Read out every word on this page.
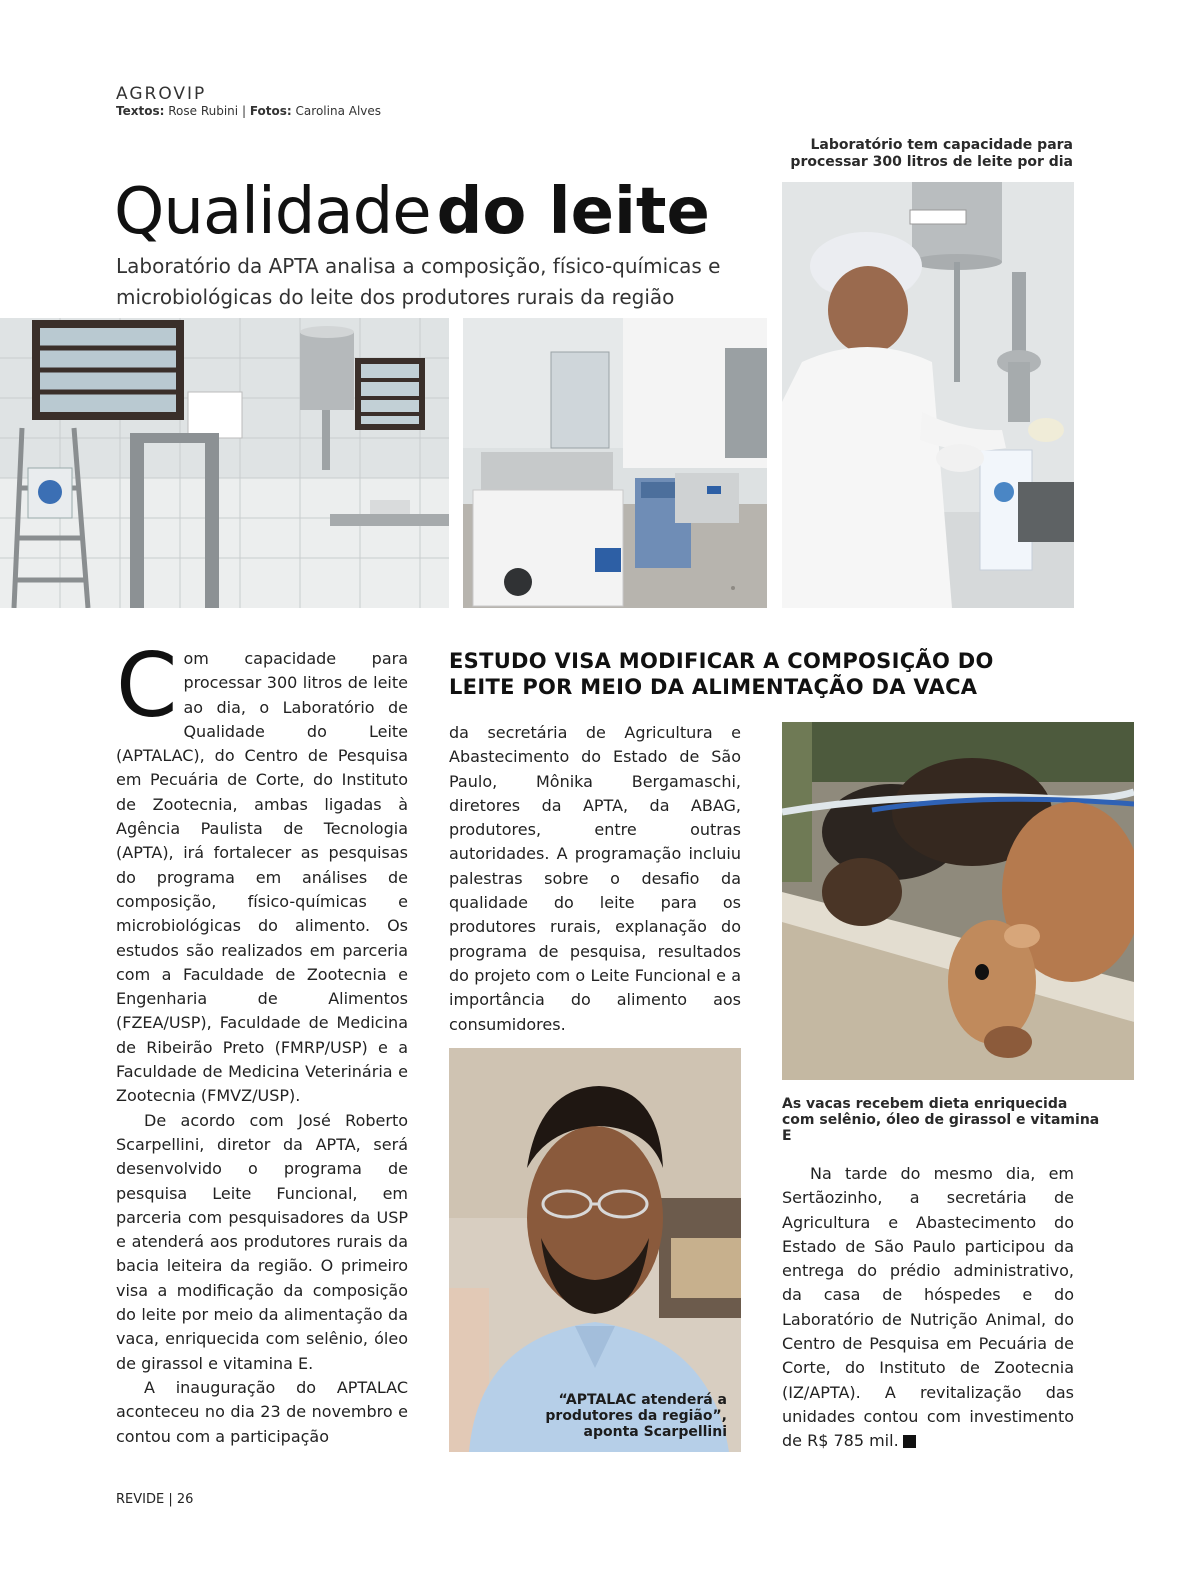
AGROVIP
Textos: Rose Rubini | Fotos: Carolina Alves
Laboratório tem capacidade para processar 300 litros de leite por dia
Qualidadedo leite
Laboratório da APTA analisa a composição, físico-químicas e microbiológicas do leite dos produtores rurais da região

Com capacidade para processar 300 litros de leite ao dia, o Laboratório de Qualidade do Leite (APTALAC), do Centro de Pesquisa em Pecuária de Corte, do Instituto de Zootecnia, ambas ligadas à Agência Paulista de Tecnologia (APTA), irá fortalecer as pesquisas do programa em análises de composição, físico-químicas e microbiológicas do alimento. Os estudos são realizados em parceria com a Faculdade de Zootecnia e Engenharia de Alimentos (FZEA/USP), Faculdade de Medicina de Ribeirão Preto (FMRP/USP) e a Faculdade de Medicina Veterinária e Zootecnia (FMVZ/USP).

De acordo com José Roberto Scarpellini, diretor da APTA, será desenvolvido o programa de pesquisa Leite Funcional, em parceria com pesquisadores da USP e atenderá aos produtores rurais da bacia leiteira da região. O primeiro visa a modificação da composição do leite por meio da alimentação da vaca, enriquecida com selênio, óleo de girassol e vitamina E.

A inauguração do APTALAC aconteceu no dia 23 de novembro e contou com a participação

ESTUDO VISA MODIFICAR A COMPOSIÇÃO DO LEITE POR MEIO DA ALIMENTAÇÃO DA VACA

da secretária de Agricultura e Abastecimento do Estado de São Paulo, Mônika Bergamaschi, diretores da APTA, da ABAG, produtores, entre outras autoridades. A programação incluiu palestras sobre o desafio da qualidade do leite para os produtores rurais, explanação do programa de pesquisa, resultados do projeto com o Leite Funcional e a importância do alimento aos consumidores.

“APTALAC atenderá a produtores da região”, aponta Scarpellini
As vacas recebem dieta enriquecida com selênio, óleo de girassol e vitamina E

Na tarde do mesmo dia, em Sertãozinho, a secretária de Agricultura e Abastecimento do Estado de São Paulo participou da entrega do prédio administrativo, da casa de hóspedes e do Laboratório de Nutrição Animal, do Centro de Pesquisa em Pecuária de Corte, do Instituto de Zootecnia (IZ/APTA). A revitalização das unidades contou com investimento de R$ 785 mil.	r

REVIDE | 26
